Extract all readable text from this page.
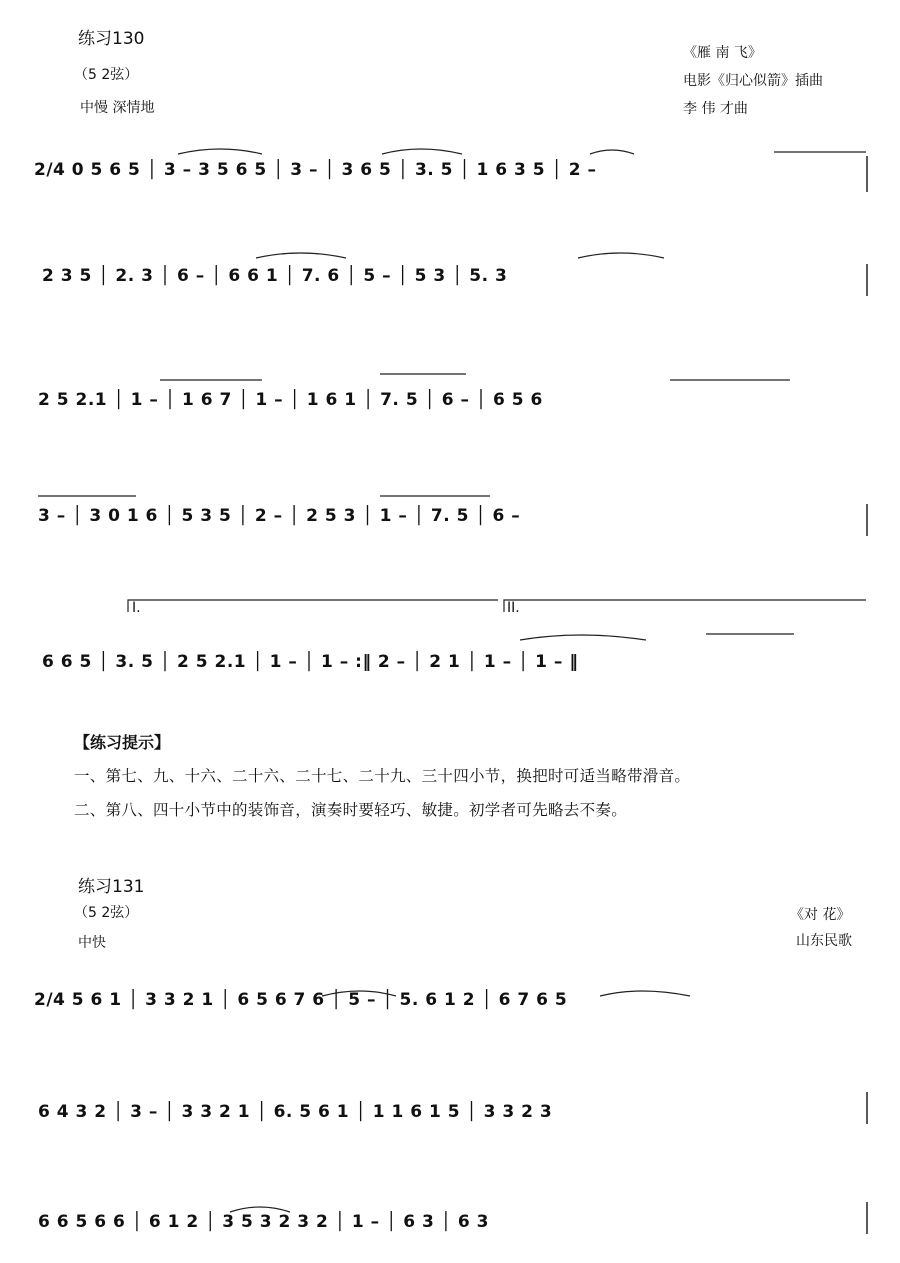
练习130
（5 2弦）
中慢 深情地
《雁 南 飞》
电影《归心似箭》插曲
李 伟 才曲
2/4 0 5 6 5 │ 3 – 3 5 6 5 │ 3 – │ 3 6 5 │ 3. 5 │ 1 6 3 5 │ 2 –
2 3 5 │ 2. 3 │ 6 – │ 6 6 1 │ 7. 6 │ 5 – │ 5 3 │ 5. 3
2 5 2.1 │ 1 – │ 1 6 7 │ 1 – │ 1 6 1 │ 7. 5 │ 6 – │ 6 5 6
3 – │ 3 0 1 6 │ 5 3 5 │ 2 – │ 2 5 3 │ 1 – │ 7. 5 │ 6 –
6 6 5 │ 3. 5 │ 2 5 2.1 │ 1 – │ 1 – :‖ 2 – │ 2 1 │ 1 – │ 1 – ‖
I.	II.
【练习提示】
一、第七、九、十六、二十六、二十七、二十九、三十四小节，换把时可适当略带滑音。
二、第八、四十小节中的装饰音，演奏时要轻巧、敏捷。初学者可先略去不奏。
练习131
（5 2弦）
中快
《对 花》
山东民歌
2/4 5 6 1 │ 3 3 2 1 │ 6 5 6 7 6 │ 5 – │ 5. 6 1 2 │ 6 7 6 5
6 4 3 2 │ 3 – │ 3 3 2 1 │ 6. 5 6 1 │ 1 1 6 1 5 │ 3 3 2 3
6 6 5 6 6 │ 6 1 2 │ 3 5 3 2 3 2 │ 1 – │ 6 3 │ 6 3
